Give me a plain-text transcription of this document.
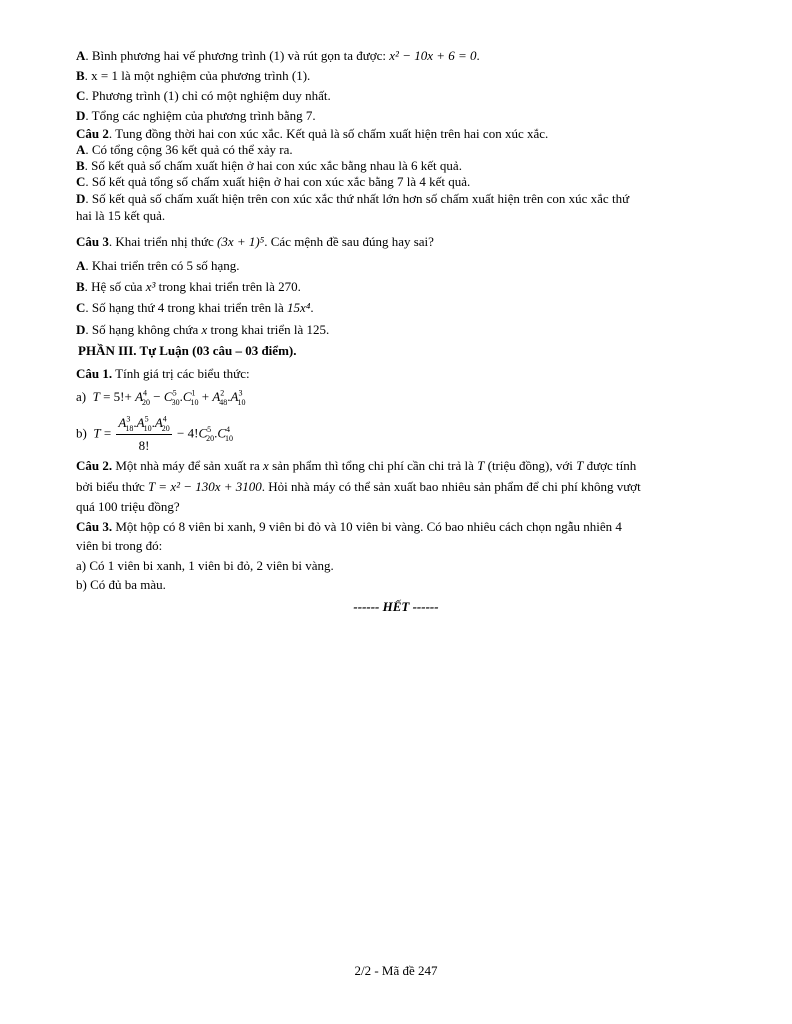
A. Bình phương hai vế phương trình (1) và rút gọn ta được: x² − 10x + 6 = 0.
B. x = 1 là một nghiệm của phương trình (1).
C. Phương trình (1) chỉ có một nghiệm duy nhất.
D. Tổng các nghiệm của phương trình bằng 7.
Câu 2. Tung đồng thời hai con xúc xắc. Kết quả là số chấm xuất hiện trên hai con xúc xắc.
A. Có tổng cộng 36 kết quả có thể xảy ra.
B. Số kết quả số chấm xuất hiện ở hai con xúc xắc bằng nhau là 6 kết quả.
C. Số kết quả tổng số chấm xuất hiện ở hai con xúc xắc bằng 7 là 4 kết quả.
D. Số kết quả số chấm xuất hiện trên con xúc xắc thứ nhất lớn hơn số chấm xuất hiện trên con xúc xắc thứ
hai là 15 kết quả.
Câu 3. Khai triển nhị thức (3x + 1)⁵. Các mệnh đề sau đúng hay sai?
A. Khai triển trên có 5 số hạng.
B. Hệ số của x³ trong khai triển trên là 270.
C. Số hạng thứ 4 trong khai triển trên là 15x⁴.
D. Số hạng không chứa x trong khai triển là 125.
PHẦN III. Tự Luận (03 câu – 03 điểm).
Câu 1. Tính giá trị các biểu thức:
a)  $T = 5!+ A^4_{20} - C^5_{30}.C^1_{10} + A^2_{48}.A^3_{10}$
b)  $T = \frac{A^3_{18}.A^5_{10}.A^4_{20}}{8!} - 4!C^5_{20}.C^4_{10}$
Câu 2. Một nhà máy để sản xuất ra x sản phẩm thì tổng chi phí cần chi trả là T (triệu đồng), với T được tính
bởi biểu thức T = x² − 130x + 3100. Hỏi nhà máy có thể sản xuất bao nhiêu sản phẩm để chi phí không vượt
quá 100 triệu đồng?
Câu 3. Một hộp có 8 viên bi xanh, 9 viên bi đỏ và 10 viên bi vàng. Có bao nhiêu cách chọn ngẫu nhiên 4
viên bi trong đó:
a) Có 1 viên bi xanh, 1 viên bi đỏ, 2 viên bi vàng.
b) Có đủ ba màu.
------ HẾT ------
2/2 - Mã đề 247
